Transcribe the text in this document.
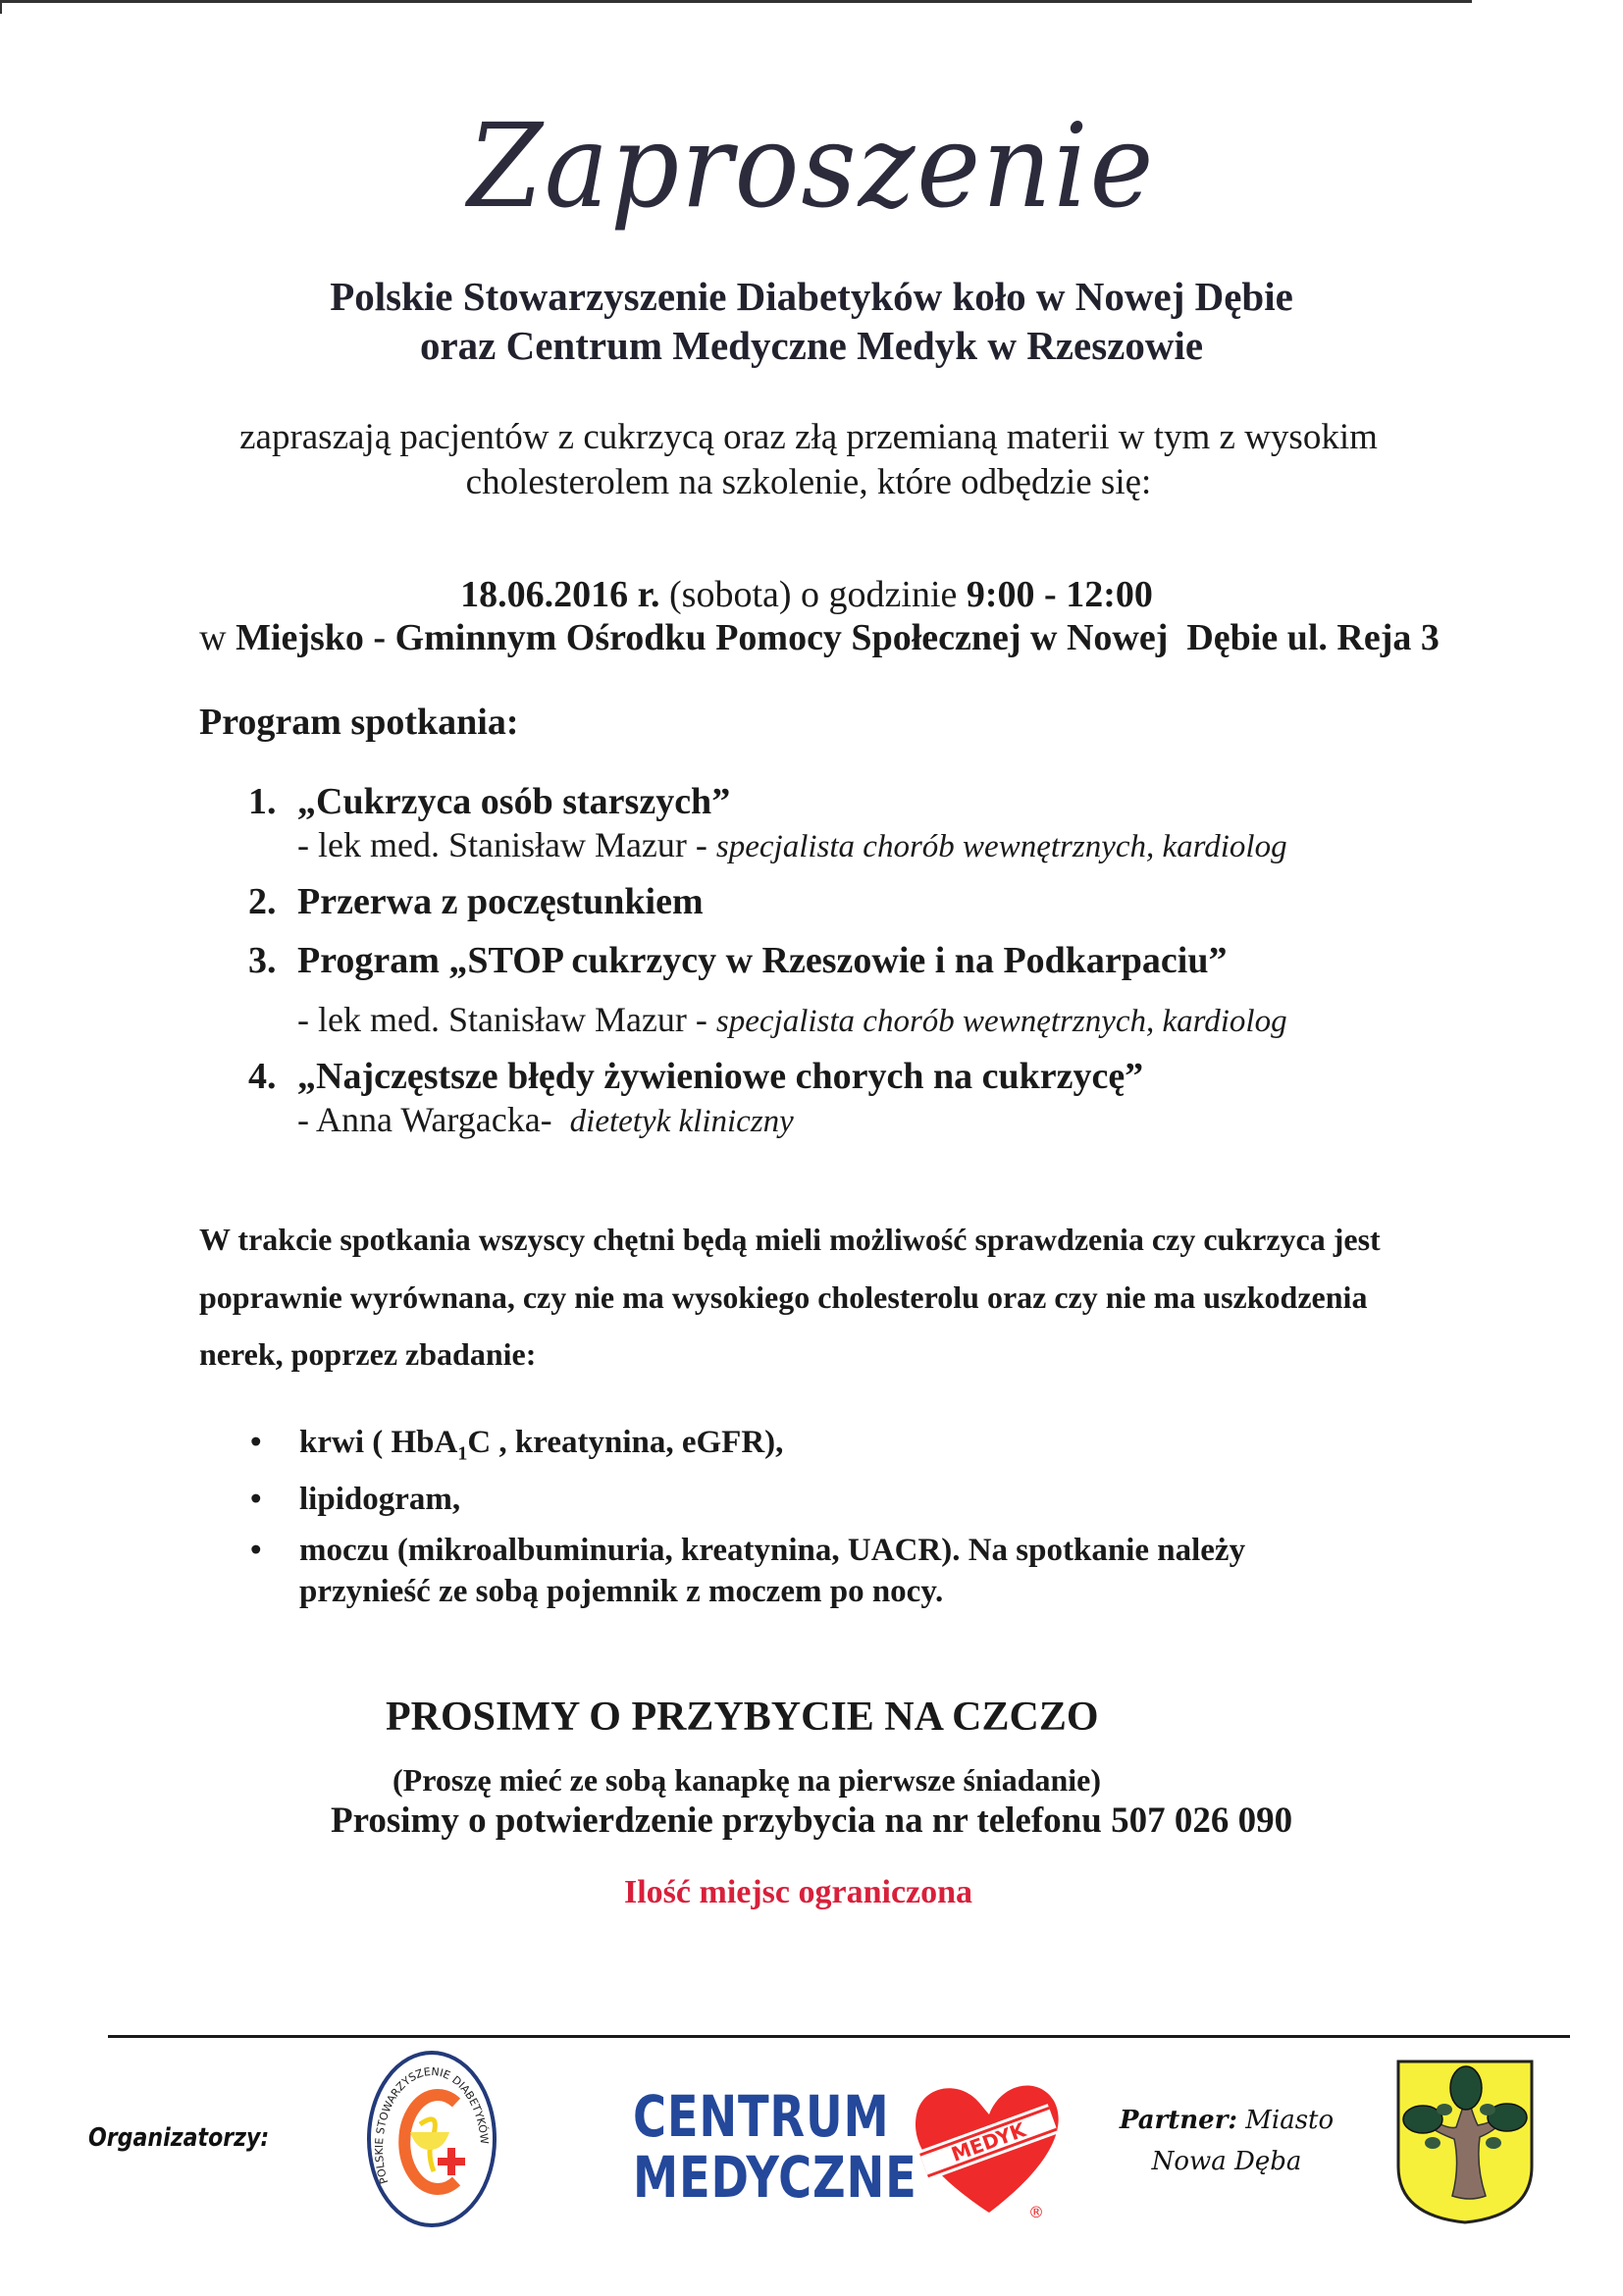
Zaproszenie
Polskie Stowarzyszenie Diabetyków koło w Nowej Dębie
oraz Centrum Medyczne Medyk w Rzeszowie
zapraszają pacjentów z cukrzycą oraz złą przemianą materii w tym z wysokim
cholesterolem na szkolenie, które odbędzie się:
18.06.2016 r. (sobota) o godzinie 9:00 - 12:00
w Miejsko - Gminnym Ośrodku Pomocy Społecznej w Nowej  Dębie ul. Reja 3
Program spotkania:
1. „Cukrzyca osób starszych”
- lek med. Stanisław Mazur - specjalista chorób wewnętrznych, kardiolog
2. Przerwa z poczęstunkiem
3. Program „STOP cukrzycy w Rzeszowie i na Podkarpaciu”
- lek med. Stanisław Mazur - specjalista chorób wewnętrznych, kardiolog
4. „Najczęstsze błędy żywieniowe chorych na cukrzycę”
- Anna Wargacka-  dietetyk kliniczny
W trakcie spotkania wszyscy chętni będą mieli możliwość sprawdzenia czy cukrzyca jest
poprawnie wyrównana, czy nie ma wysokiego cholesterolu oraz czy nie ma uszkodzenia
nerek, poprzez zbadanie:
• krwi ( HbA$_1$C , kreatynina, eGFR),
• lipidogram,
• moczu (mikroalbuminuria, kreatynina, UACR). Na spotkanie należy
przynieść ze sobą pojemnik z moczem po nocy.
PROSIMY O PRZYBYCIE NA CZCZO
(Proszę mieć ze sobą kanapkę na pierwsze śniadanie)
Prosimy o potwierdzenie przybycia na nr telefonu 507 026 090
Ilość miejsc ograniczona
Organizatorzy:
POLSKIE STOWARZYSZENIE DIABETYKÓW CENTRUM
MEDYCZNE
MEDYK
®
Partner: Miasto
Nowa Dęba
